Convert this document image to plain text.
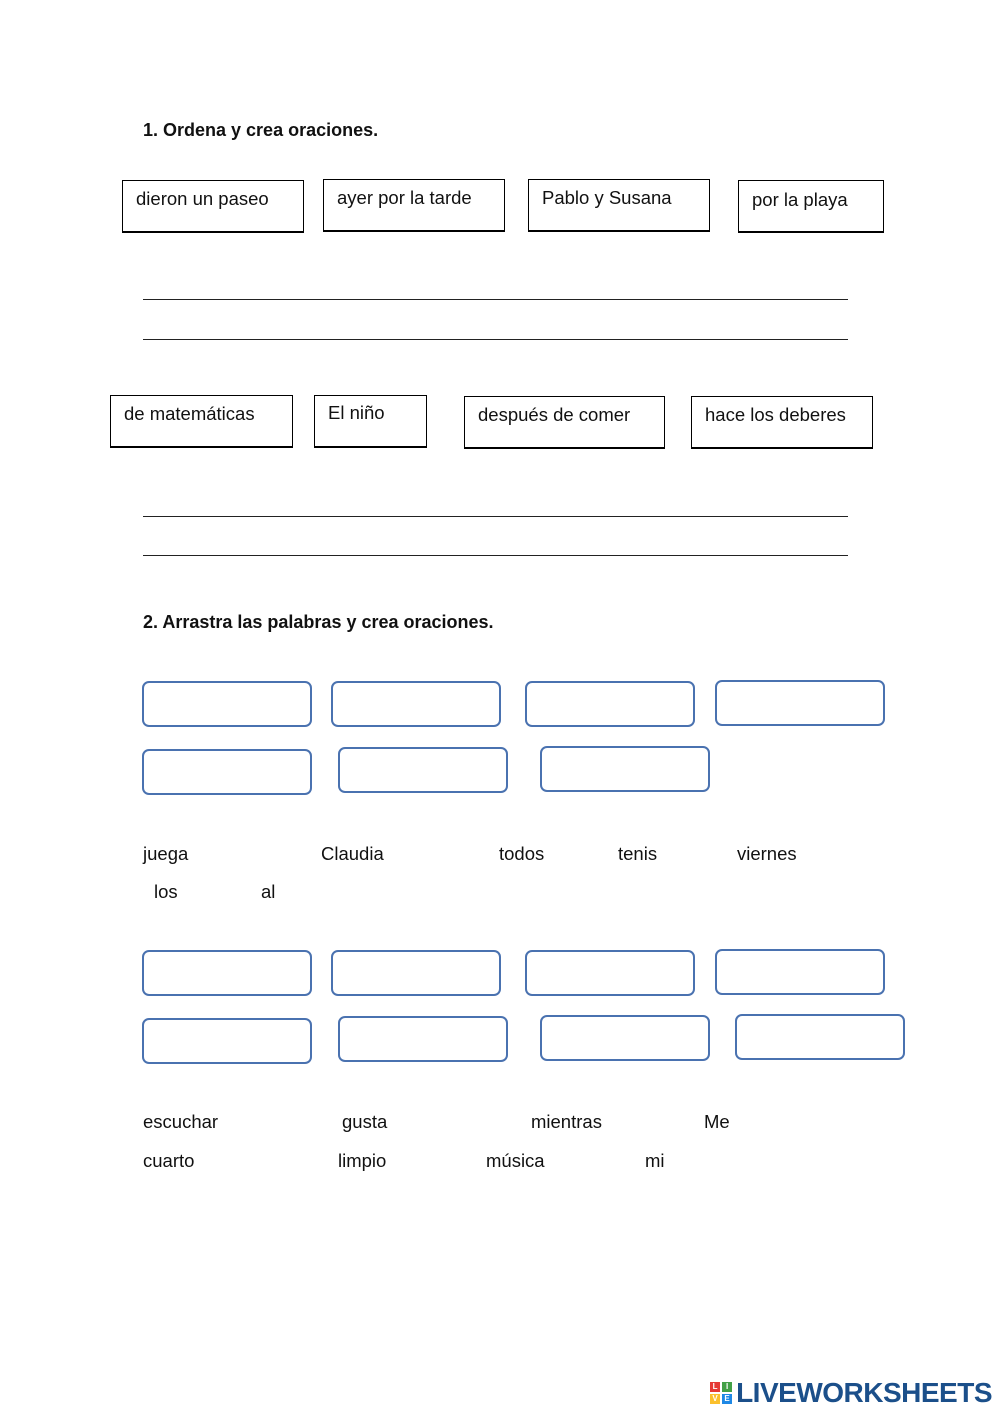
1. Ordena y crea oraciones.
dieron un paseo	ayer por la tarde	Pablo y Susana	por la playa
de matemáticas	El niño	después de comer	hace los deberes
2. Arrastra las palabras y crea oraciones.
juega	Claudia	todos	tenis	viernes
los	al
escuchar	gusta	mientras	Me
cuarto	limpio	música	mi
L	I
V E LIVEWORKSHEETS
